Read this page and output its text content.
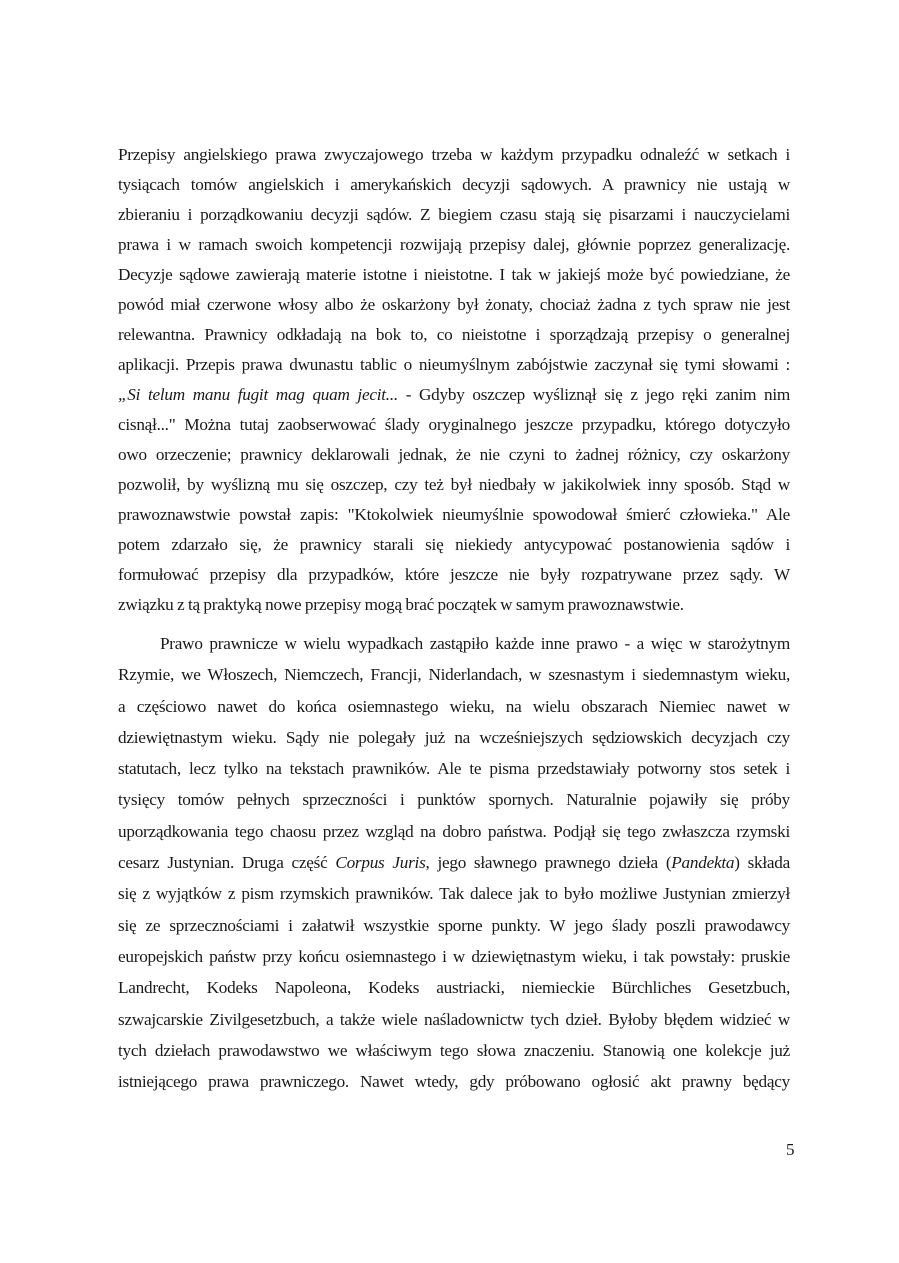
Przepisy angielskiego prawa zwyczajowego trzeba w każdym przypadku odnaleźć w setkach i
tysiącach tomów angielskich i amerykańskich decyzji sądowych. A prawnicy nie ustają w
zbieraniu i porządkowaniu decyzji sądów. Z biegiem czasu stają się pisarzami i nauczycielami
prawa i w ramach swoich kompetencji rozwijają przepisy dalej, głównie poprzez generalizację.
Decyzje sądowe zawierają materie istotne i nieistotne. I tak w jakiejś może być powiedziane, że
powód miał czerwone włosy albo że oskarżony był żonaty, chociaż żadna z tych spraw nie jest
relewantna. Prawnicy odkładają na bok to, co nieistotne i sporządzają przepisy o generalnej
aplikacji. Przepis prawa dwunastu tablic o nieumyślnym zabójstwie zaczynał się tymi słowami :
„Si telum manu fugit mag quam jecit... - Gdyby oszczep wyśliznął się z jego ręki zanim nim
cisnął..." Można tutaj zaobserwować ślady oryginalnego jeszcze przypadku, którego dotyczyło
owo orzeczenie; prawnicy deklarowali jednak, że nie czyni to żadnej różnicy, czy oskarżony
pozwolił, by wyślizną mu się oszczep, czy też był niedbały w jakikolwiek inny sposób. Stąd w
prawoznawstwie powstał zapis: "Ktokolwiek nieumyślnie spowodował śmierć człowieka." Ale
potem zdarzało się, że prawnicy starali się niekiedy antycypować postanowienia sądów i
formułować przepisy dla przypadków, które jeszcze nie były rozpatrywane przez sądy. W
związku z tą praktyką nowe przepisy mogą brać początek w samym prawoznawstwie.
Prawo prawnicze w wielu wypadkach zastąpiło każde inne prawo - a więc w starożytnym
Rzymie, we Włoszech, Niemczech, Francji, Niderlandach, w szesnastym i siedemnastym wieku,
a częściowo nawet do końca osiemnastego wieku, na wielu obszarach Niemiec nawet w
dziewiętnastym wieku. Sądy nie polegały już na wcześniejszych sędziowskich decyzjach czy
statutach, lecz tylko na tekstach prawników. Ale te pisma przedstawiały potworny stos setek i
tysięcy tomów pełnych sprzeczności i punktów spornych. Naturalnie pojawiły się próby
uporządkowania tego chaosu przez wzgląd na dobro państwa. Podjął się tego zwłaszcza rzymski
cesarz Justynian. Druga część Corpus Juris, jego sławnego prawnego dzieła (Pandekta) składa
się z wyjątków z pism rzymskich prawników. Tak dalece jak to było możliwe Justynian zmierzył
się ze sprzecznościami i załatwił wszystkie sporne punkty. W jego ślady poszli prawodawcy
europejskich państw przy końcu osiemnastego i w dziewiętnastym wieku, i tak powstały: pruskie
Landrecht, Kodeks Napoleona, Kodeks austriacki, niemieckie Bürchliches Gesetzbuch,
szwajcarskie Zivilgesetzbuch, a także wiele naśladownictw tych dzieł. Byłoby błędem widzieć w
tych dziełach prawodawstwo we właściwym tego słowa znaczeniu. Stanowią one kolekcje już
istniejącego prawa prawniczego. Nawet wtedy, gdy próbowano ogłosić akt prawny będący
5
